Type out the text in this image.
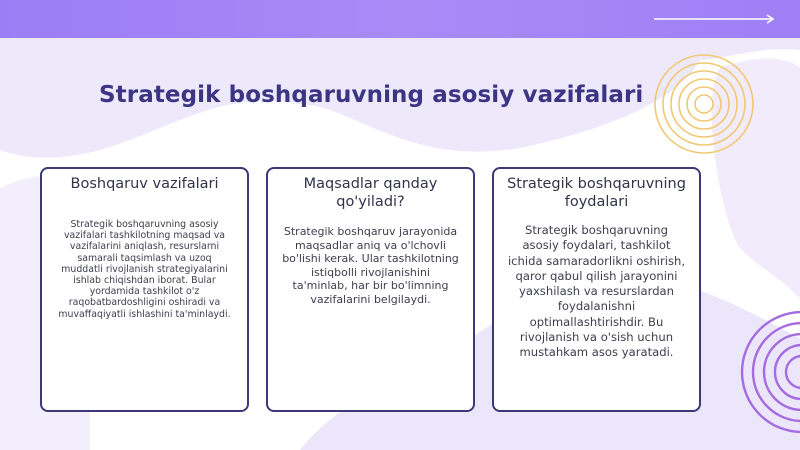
Strategik boshqaruvning asosiy vazifalari
Boshqaruv vazifalari

Strategik boshqaruvning asosiy vazifalari tashkilotning maqsad va vazifalarini aniqlash, resurslarni samarali taqsimlash va uzoq muddatli rivojlanish strategiyalarini ishlab chiqishdan iborat. Bular yordamida tashkilot o'z raqobatbardoshligini oshiradi va muvaffaqiyatli ishlashini ta'minlaydi.

Maqsadlar qanday qo'yiladi?

Strategik boshqaruv jarayonida maqsadlar aniq va o'lchovli bo'lishi kerak. Ular tashkilotning istiqbolli rivojlanishini ta'minlab, har bir bo'limning vazifalarini belgilaydi.

Strategik boshqaruvning foydalari

Strategik boshqaruvning asosiy foydalari, tashkilot ichida samaradorlikni oshirish, qaror qabul qilish jarayonini yaxshilash va resurslardan foydalanishni optimallashtirishdir. Bu rivojlanish va o'sish uchun mustahkam asos yaratadi.
